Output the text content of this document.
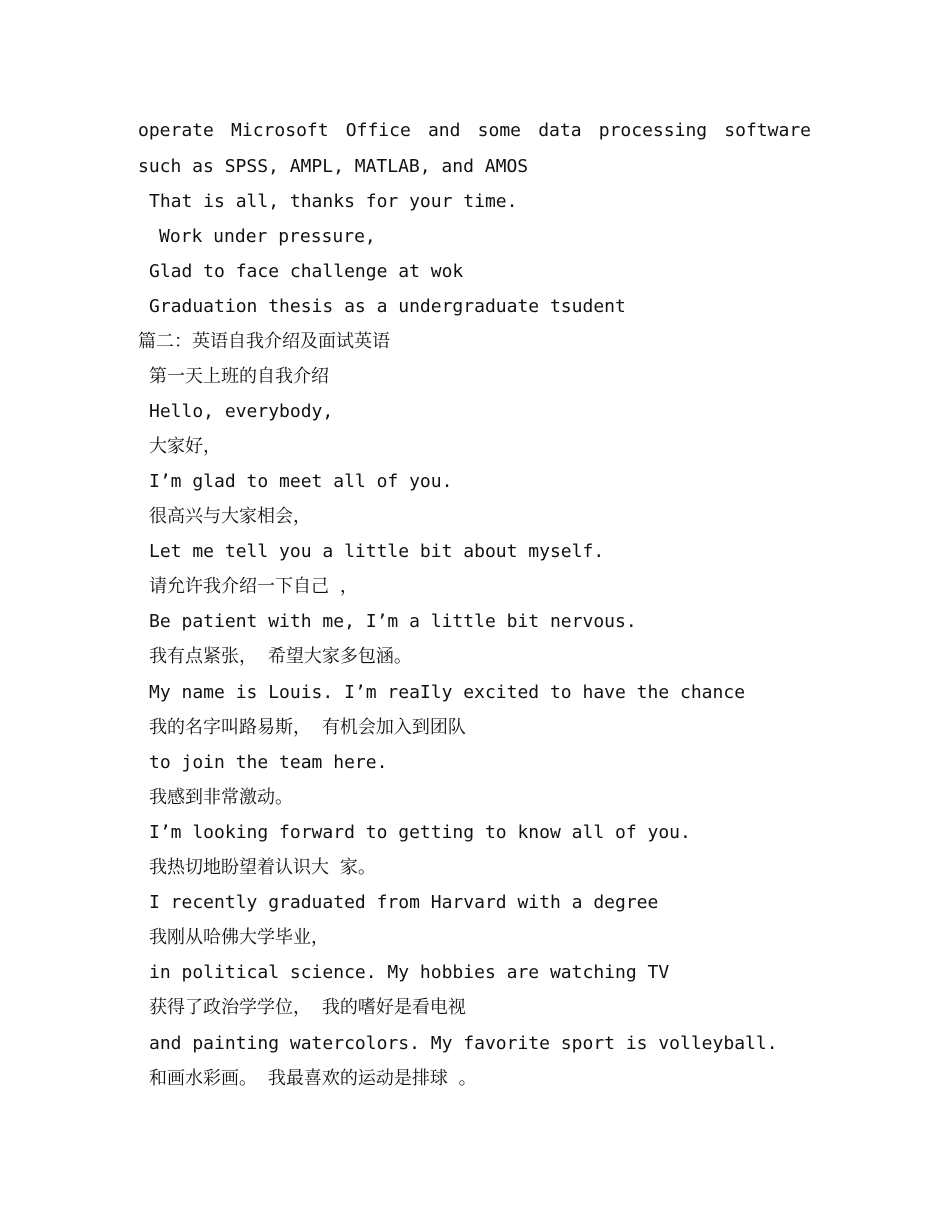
operate Microsoft Office and some data processing software
such as SPSS, AMPL, MATLAB, and AMOS
That is all, thanks for your time.
Work under pressure,
Glad to face challenge at wok
Graduation thesis as a undergraduate tsudent
篇二：英语自我介绍及面试英语
第一天上班的自我介绍
Hello, everybody,
大家好，
I’m glad to meet all of you.
很高兴与大家相会，
Let me tell you a little bit about myself.
请允许我介绍一下自己 ，
Be patient with me, I’m a little bit nervous.
我有点紧张， 希望大家多包涵。
My name is Louis. I’m reaIly excited to have the chance
我的名字叫路易斯， 有机会加入到团队
to join the team here.
我感到非常激动。
I’m looking forward to getting to know all of you.
我热切地盼望着认识大 家。
I recently graduated from Harvard with a degree
我刚从哈佛大学毕业，
in political science. My hobbies are watching TV
获得了政治学学位， 我的嗜好是看电视
and painting watercolors. My favorite sport is volleyball.
和画水彩画。 我最喜欢的运动是排球 。
